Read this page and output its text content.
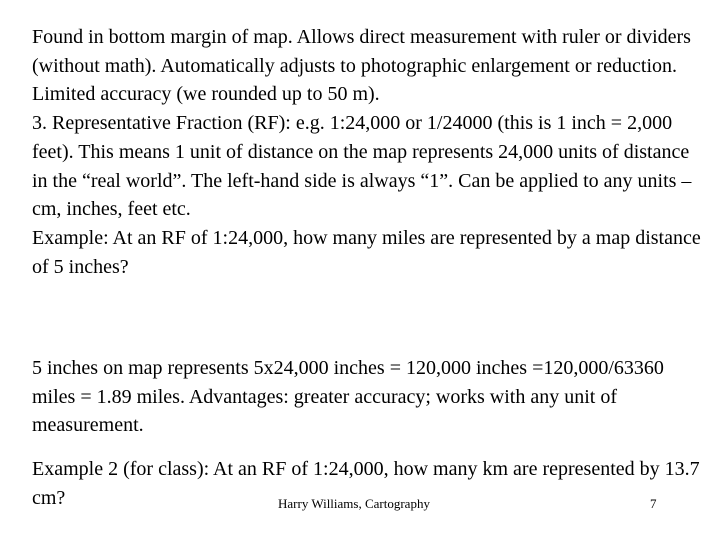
Found in bottom margin of map. Allows direct measurement with ruler or dividers (without math). Automatically adjusts to photographic enlargement or reduction. Limited accuracy (we rounded up to 50 m).

3. Representative Fraction (RF): e.g. 1:24,000 or 1/24000 (this is 1 inch = 2,000 feet). This means 1 unit of distance on the map represents 24,000 units of distance in the “real world”. The left-hand side is always “1”. Can be applied to any units – cm, inches, feet etc.

Example: At an RF of 1:24,000, how many miles are represented by a map distance of 5 inches?

5 inches on map represents 5x24,000 inches = 120,000 inches =120,000/63360 miles = 1.89 miles. Advantages: greater accuracy; works with any unit of measurement.

Example 2 (for class): At an RF of 1:24,000, how many km are represented by 13.7 cm?	Harry Williams, Cartography	7
